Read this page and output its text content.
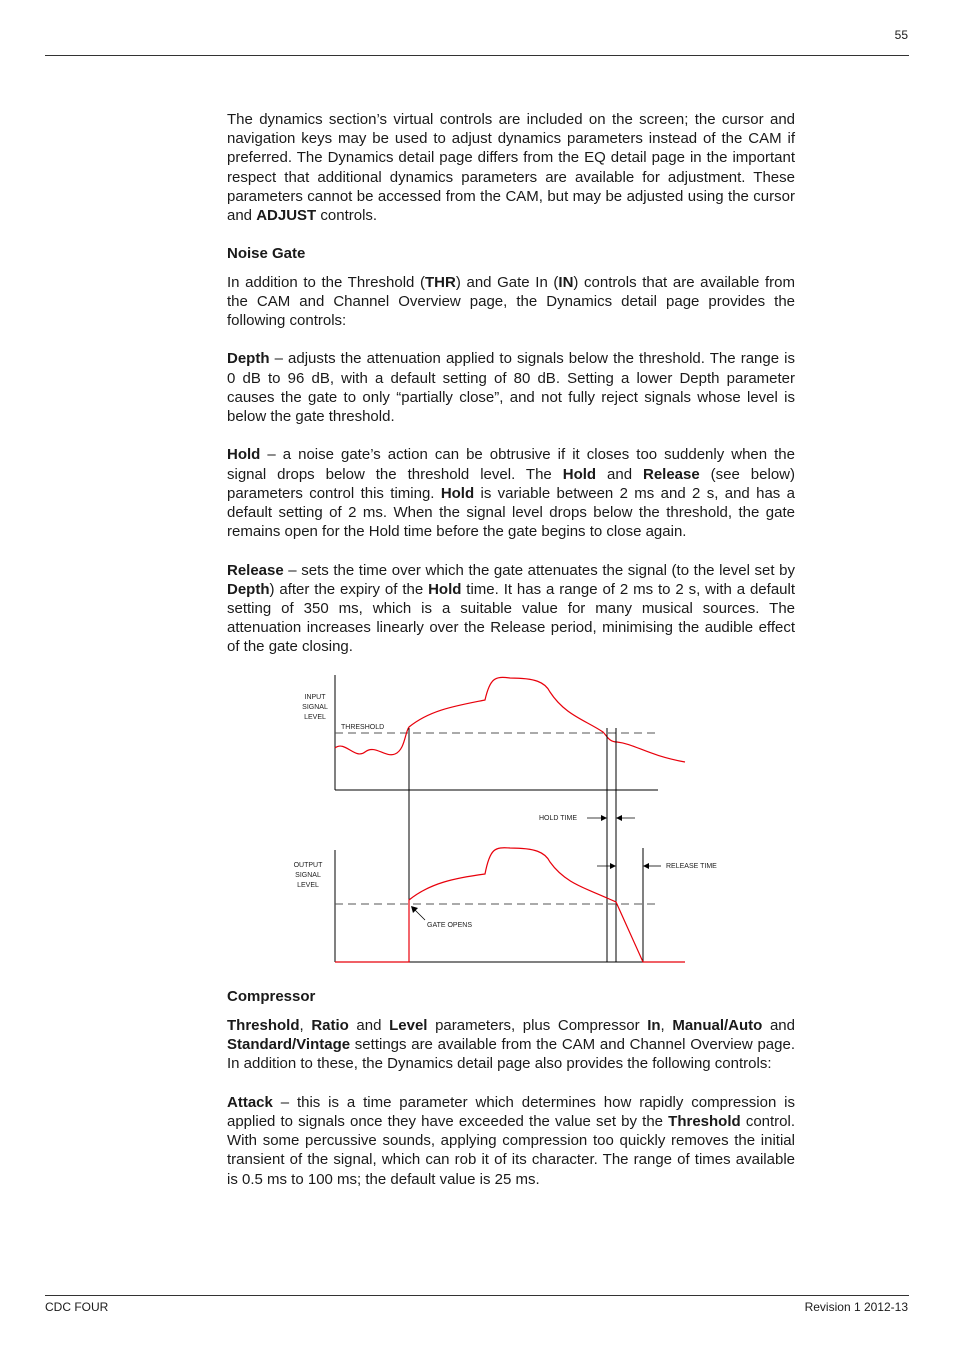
55

The dynamics section’s virtual controls are included on the screen; the cursor and navigation keys may be used to adjust dynamics parameters instead of the CAM if preferred. The Dynamics detail page differs from the EQ detail page in the important respect that additional dynamics parameters are available for adjustment. These parameters cannot be accessed from the CAM, but may be adjusted using the cursor and ADJUST controls.

Noise Gate

In addition to the Threshold (THR) and Gate In (IN) controls that are available from the CAM and Channel Overview page, the Dynamics detail page provides the following controls:

Depth – adjusts the attenuation applied to signals below the threshold. The range is 0 dB to 96 dB, with a default setting of 80 dB. Setting a lower Depth parameter causes the gate to only “partially close”, and not fully reject signals whose level is below the gate threshold.

Hold – a noise gate’s action can be obtrusive if it closes too suddenly when the signal drops below the threshold level. The Hold and Release (see below) parameters control this timing. Hold is variable between 2 ms and 2 s, and has a default setting of 2 ms. When the signal level drops below the threshold, the gate remains open for the Hold time before the gate begins to close again.

Release – sets the time over which the gate attenuates the signal (to the level set by Depth) after the expiry of the Hold time. It has a range of 2 ms to 2 s, with a default setting of 350 ms, which is a suitable value for many musical sources. The attenuation increases linearly over the Release period, minimising the audible effect of the gate closing.

INPUT
SIGNAL
LEVEL
THRESHOLD
HOLD TIME
OUTPUT
SIGNAL
LEVEL
RELEASE TIME
GATE OPENS
Compressor

Threshold, Ratio and Level parameters, plus Compressor In, Manual/Auto and Standard/Vintage settings are available from the CAM and Channel Overview page. In addition to these, the Dynamics detail page also provides the following controls:

Attack – this is a time parameter which determines how rapidly compression is applied to signals once they have exceeded the value set by the Threshold control. With some percussive sounds, applying compression too quickly removes the initial transient of the signal, which can rob it of its character. The range of times available is 0.5 ms to 100 ms; the default value is 25 ms.

CDC FOUR	Revision 1 2012-13
